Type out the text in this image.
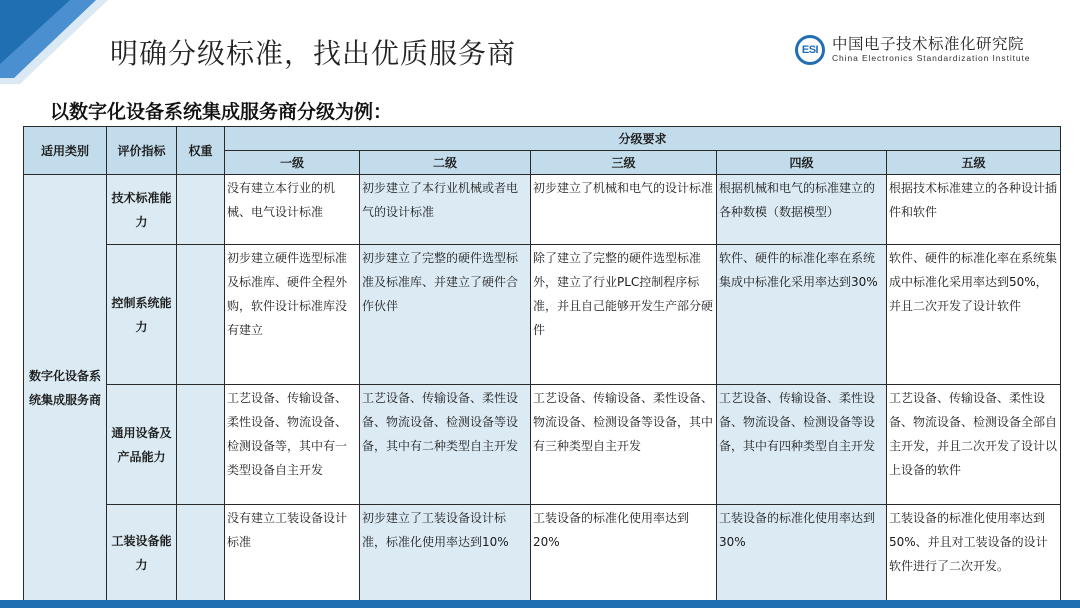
明确分级标准，找出优质服务商	ESI 中国电子技术标准化研究院
China Electronics Standardization Institute
以数字化设备系统集成服务商分级为例：
适用类别	评价指标	权重	分级要求				
			一级	二级	三级	四级	五级
数字化设备系统集成服务商	技术标准能力		没有建立本行业的机械、电气设计标准	初步建立了本行业机械或者电气的设计标准	初步建立了机械和电气的设计标准	根据机械和电气的标准建立的各种数模（数据模型）	根据技术标准建立的各种设计插件和软件
	控制系统能力		初步建立硬件选型标准及标准库、硬件全程外购，软件设计标准库没有建立	初步建立了完整的硬件选型标准及标准库、并建立了硬件合作伙伴	除了建立了完整的硬件选型标准外，建立了行业PLC控制程序标准，并且自己能够开发生产部分硬件	软件、硬件的标准化率在系统集成中标准化采用率达到30%	软件、硬件的标准化率在系统集成中标准化采用率达到50%，并且二次开发了设计软件
	通用设备及产品能力		工艺设备、传输设备、柔性设备、物流设备、检测设备等，其中有一类型设备自主开发	工艺设备、传输设备、柔性设备、物流设备、检测设备等设备，其中有二种类型自主开发	工艺设备、传输设备、柔性设备、物流设备、检测设备等设备，其中有三种类型自主开发	工艺设备、传输设备、柔性设备、物流设备、检测设备等设备，其中有四种类型自主开发	工艺设备、传输设备、柔性设备、物流设备、检测设备全部自主开发，并且二次开发了设计以上设备的软件
	工装设备能力		没有建立工装设备设计标准	初步建立了工装设备设计标准，标准化使用率达到10%	工装设备的标准化使用率达到20%	工装设备的标准化使用率达到30%	工装设备的标准化使用率达到50%、并且对工装设备的设计软件进行了二次开发。
